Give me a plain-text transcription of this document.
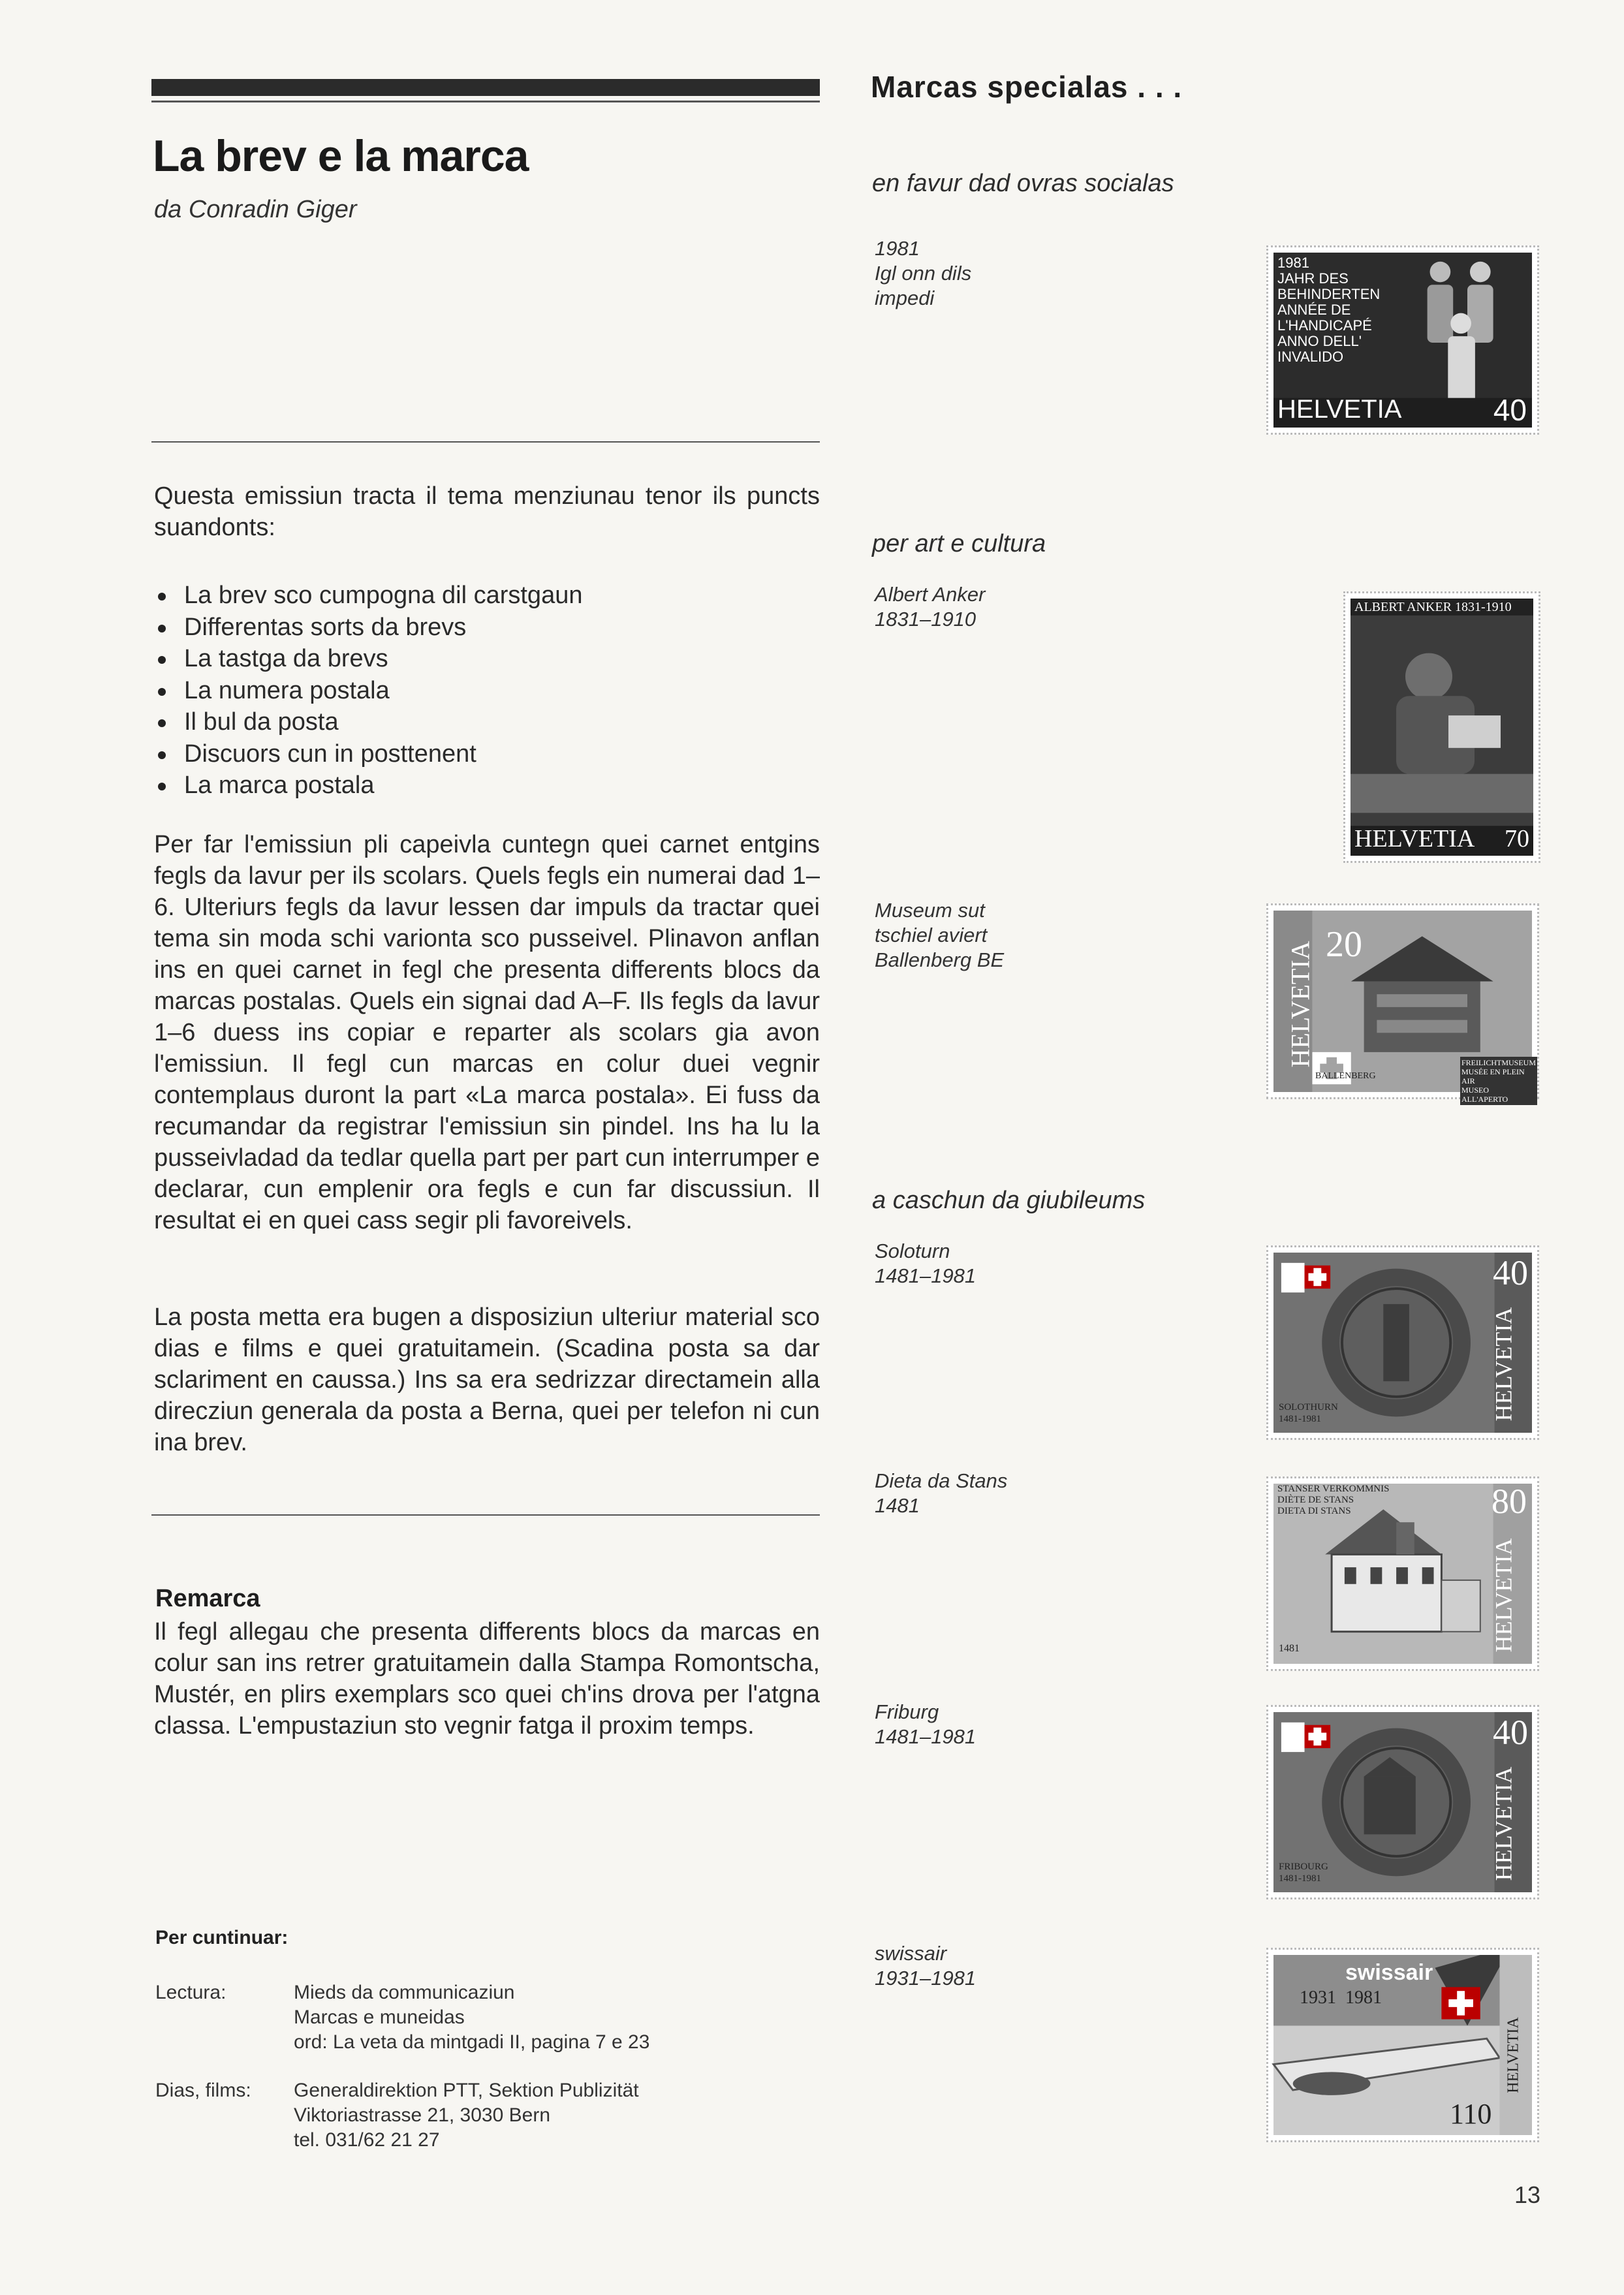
La brev e la marca
da Conradin Giger
Questa emissiun tracta il tema menziunau tenor ils puncts suandonts:
La brev sco cumpogna dil carstgaun
Differentas sorts da brevs
La tastga da brevs
La numera postala
Il bul da posta
Discuors cun in posttenent
La marca postala
Per far l'emissiun pli capeivla cuntegn quei carnet entgins fegls da lavur per ils scolars. Quels fegls ein numerai dad 1–6. Ulteriurs fegls da lavur lessen dar impuls da tractar quei tema sin moda schi varionta sco pusseivel. Plinavon anflan ins en quei carnet in fegl che presenta differents blocs da marcas postalas. Quels ein signai dad A–F. Ils fegls da lavur 1–6 duess ins copiar e reparter als scolars gia avon l'emissiun. Il fegl cun marcas en colur duei vegnir contemplaus duront la part «La marca postala». Ei fuss da recumandar da registrar l'emissiun sin pindel. Ins ha lu la pusseivladad da tedlar quella part per part cun interrumper e declarar, cun emplenir ora fegls e cun far discussiun. Il resultat ei en quei cass segir pli favoreivels.
La posta metta era bugen a disposiziun ulteriur material sco dias e films e quei gratuitamein. (Scadina posta sa dar sclariment en caussa.) Ins sa era sedrizzar directamein alla direcziun generala da posta a Berna, quei per telefon ni cun ina brev.
Remarca
Il fegl allegau che presenta differents blocs da marcas en colur san ins retrer gratuitamein dalla Stampa Romontscha, Mustér, en plirs exemplars sco quei ch'ins drova per l'atgna classa. L'empustaziun sto vegnir fatga il proxim temps.
Per cuntinuar:
Lectura:	Mieds da communicaziun
Marcas e muneidas
ord: La veta da mintgadi II, pagina 7 e 23
Dias, films: Generaldirektion PTT, Sektion Publizität
Viktoriastrasse 21, 3030 Bern
tel. 031/62 21 27
Marcas specialas . . .
en favur dad ovras socialas
1981
Igl onn dils
impedi
1981
JAHR DES
BEHINDERTEN
ANNÉE DE
L'HANDICAPÉ
ANNO DELL'
INVALIDO
HELVETIA	40
per art e cultura
Albert Anker
1831–1910
ALBERT ANKER 1831-1910
HELVETIA 70
Museum sut
tschiel aviert
Ballenberg BE	20
HELVETIA
BALLENBERG
FREILICHTMUSEUM
MUSÉE EN PLEIN AIR
MUSEO ALL'APERTO
a caschun da giubileums
Soloturn
1481–1981	40
HELVETIA
SOLOTHURN
1481-1981
Dieta da Stans
1481
STANSER VERKOMMNIS
DIÈTE DE STANS
DIETA DI STANS	80
HELVETIA
1481
Friburg
1481–1981	40
HELVETIA
FRIBOURG
1481-1981
swissair
1931–1981	swissair
1931  1981
110
HELVETIA
13
